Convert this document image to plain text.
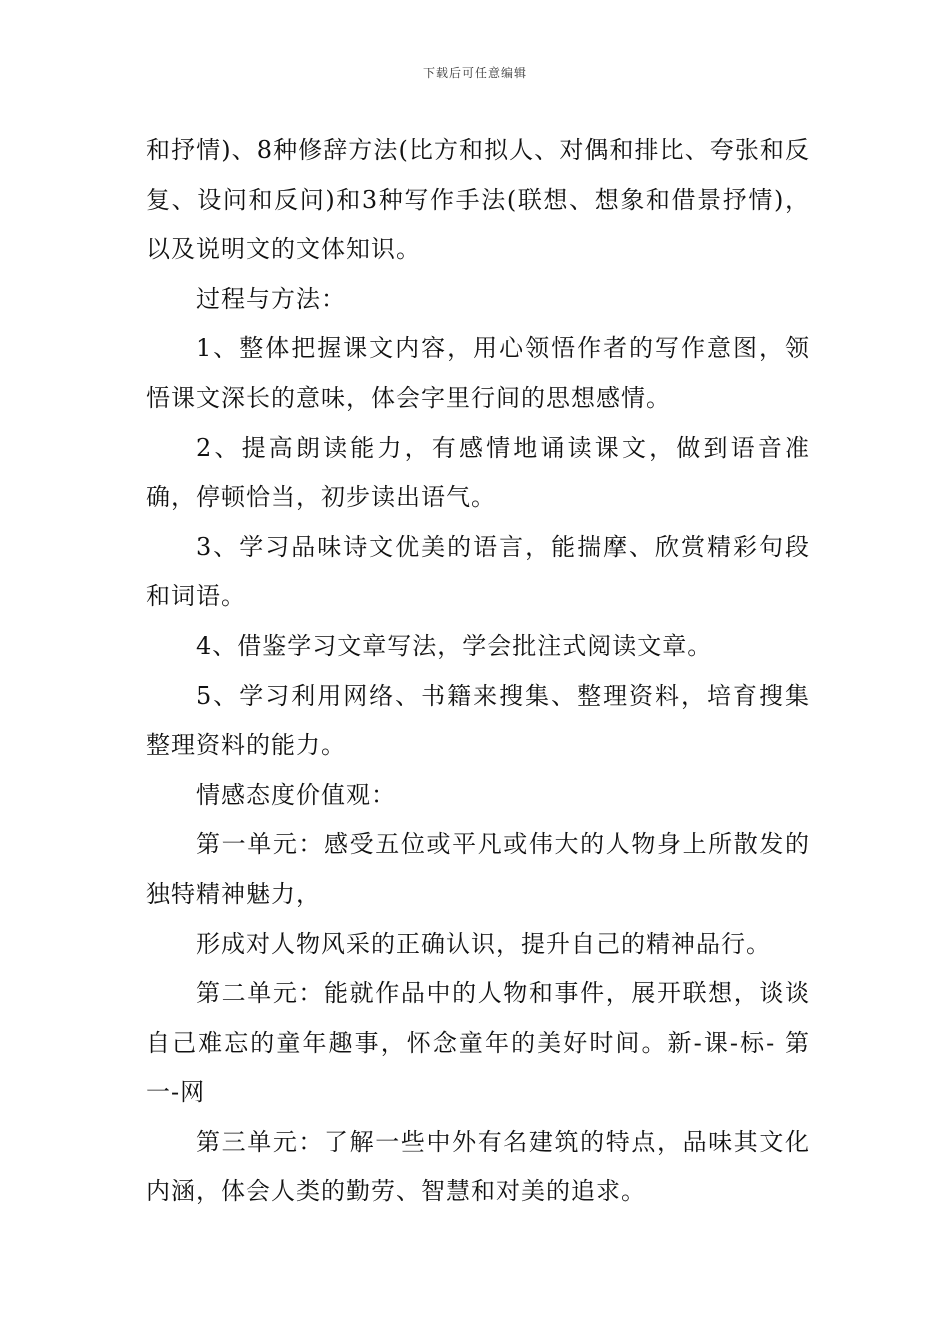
下载后可任意编辑

和抒情)、8种修辞方法(比方和拟人、对偶和排比、夸张和反复、设问和反问)和3种写作手法(联想、想象和借景抒情)，以及说明文的文体知识。

过程与方法：

1、整体把握课文内容，用心领悟作者的写作意图，领悟课文深长的意味，体会字里行间的思想感情。

2、提高朗读能力，有感情地诵读课文，做到语音准确，停顿恰当，初步读出语气。

3、学习品味诗文优美的语言，能揣摩、欣赏精彩句段和词语。

4、借鉴学习文章写法，学会批注式阅读文章。

5、学习利用网络、书籍来搜集、整理资料，培育搜集整理资料的能力。

情感态度价值观：

第一单元：感受五位或平凡或伟大的人物身上所散发的独特精神魅力，

形成对人物风采的正确认识，提升自己的精神品行。

第二单元：能就作品中的人物和事件，展开联想，谈谈自己难忘的童年趣事，怀念童年的美好时间。新-课-标- 第 一-网

第三单元：了解一些中外有名建筑的特点，品味其文化内涵，体会人类的勤劳、智慧和对美的追求。
